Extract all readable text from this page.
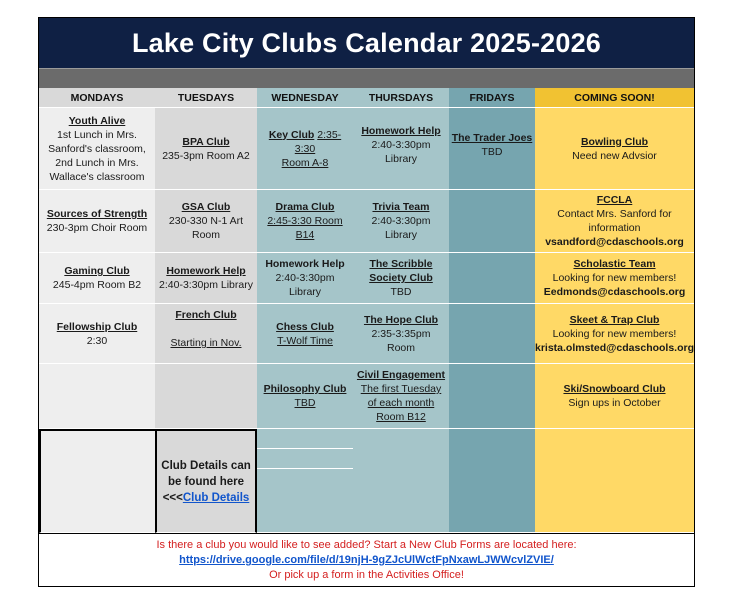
Lake City Clubs Calendar 2025-2026
MONDAYS
Youth Alive
1st Lunch in Mrs.
Sanford's classroom,
2nd Lunch in Mrs.
Wallace's classroom
Sources of Strength
230-3pm Choir Room
Gaming Club
245-4pm Room B2
Fellowship Club
2:30
TUESDAYS
BPA Club
235-3pm Room A2
GSA Club
230-330 N-1 Art
Room
Homework Help
2:40-3:30pm Library
French Club
Starting in Nov.
Club Details can
be found here
<<<Club Details
WEDNESDAY
Key Club 2:35-3:30
Room A-8
Drama Club
2:45-3:30 Room
B14
Homework Help
2:40-3:30pm
Library
Chess Club
T-Wolf Time
Philosophy Club
TBD
THURSDAYS
Homework Help
2:40-3:30pm
Library
Trivia Team
2:40-3:30pm
Library
The Scribble
Society Club
TBD
The Hope Club
2:35-3:35pm
Room
Civil Engagement
The first Tuesday
of each month
Room B12
FRIDAYS
The Trader Joes
TBD
COMING SOON!
Bowling Club
Need new Advsior
FCCLA
Contact Mrs. Sanford for
information
vsandford@cdaschools.org
Scholastic Team
Looking for new members!
Eedmonds@cdaschools.org
Skeet & Trap Club
Looking for new members!
krista.olmsted@cdaschools.org
Ski/Snowboard Club
Sign ups in October
Is there a club you would like to see added? Start a New Club Forms are located here:
https://drive.google.com/file/d/19njH-9gZJcUlWctFpNxawLJWWcvlZVIE/
Or pick up a form in the Activities Office!
